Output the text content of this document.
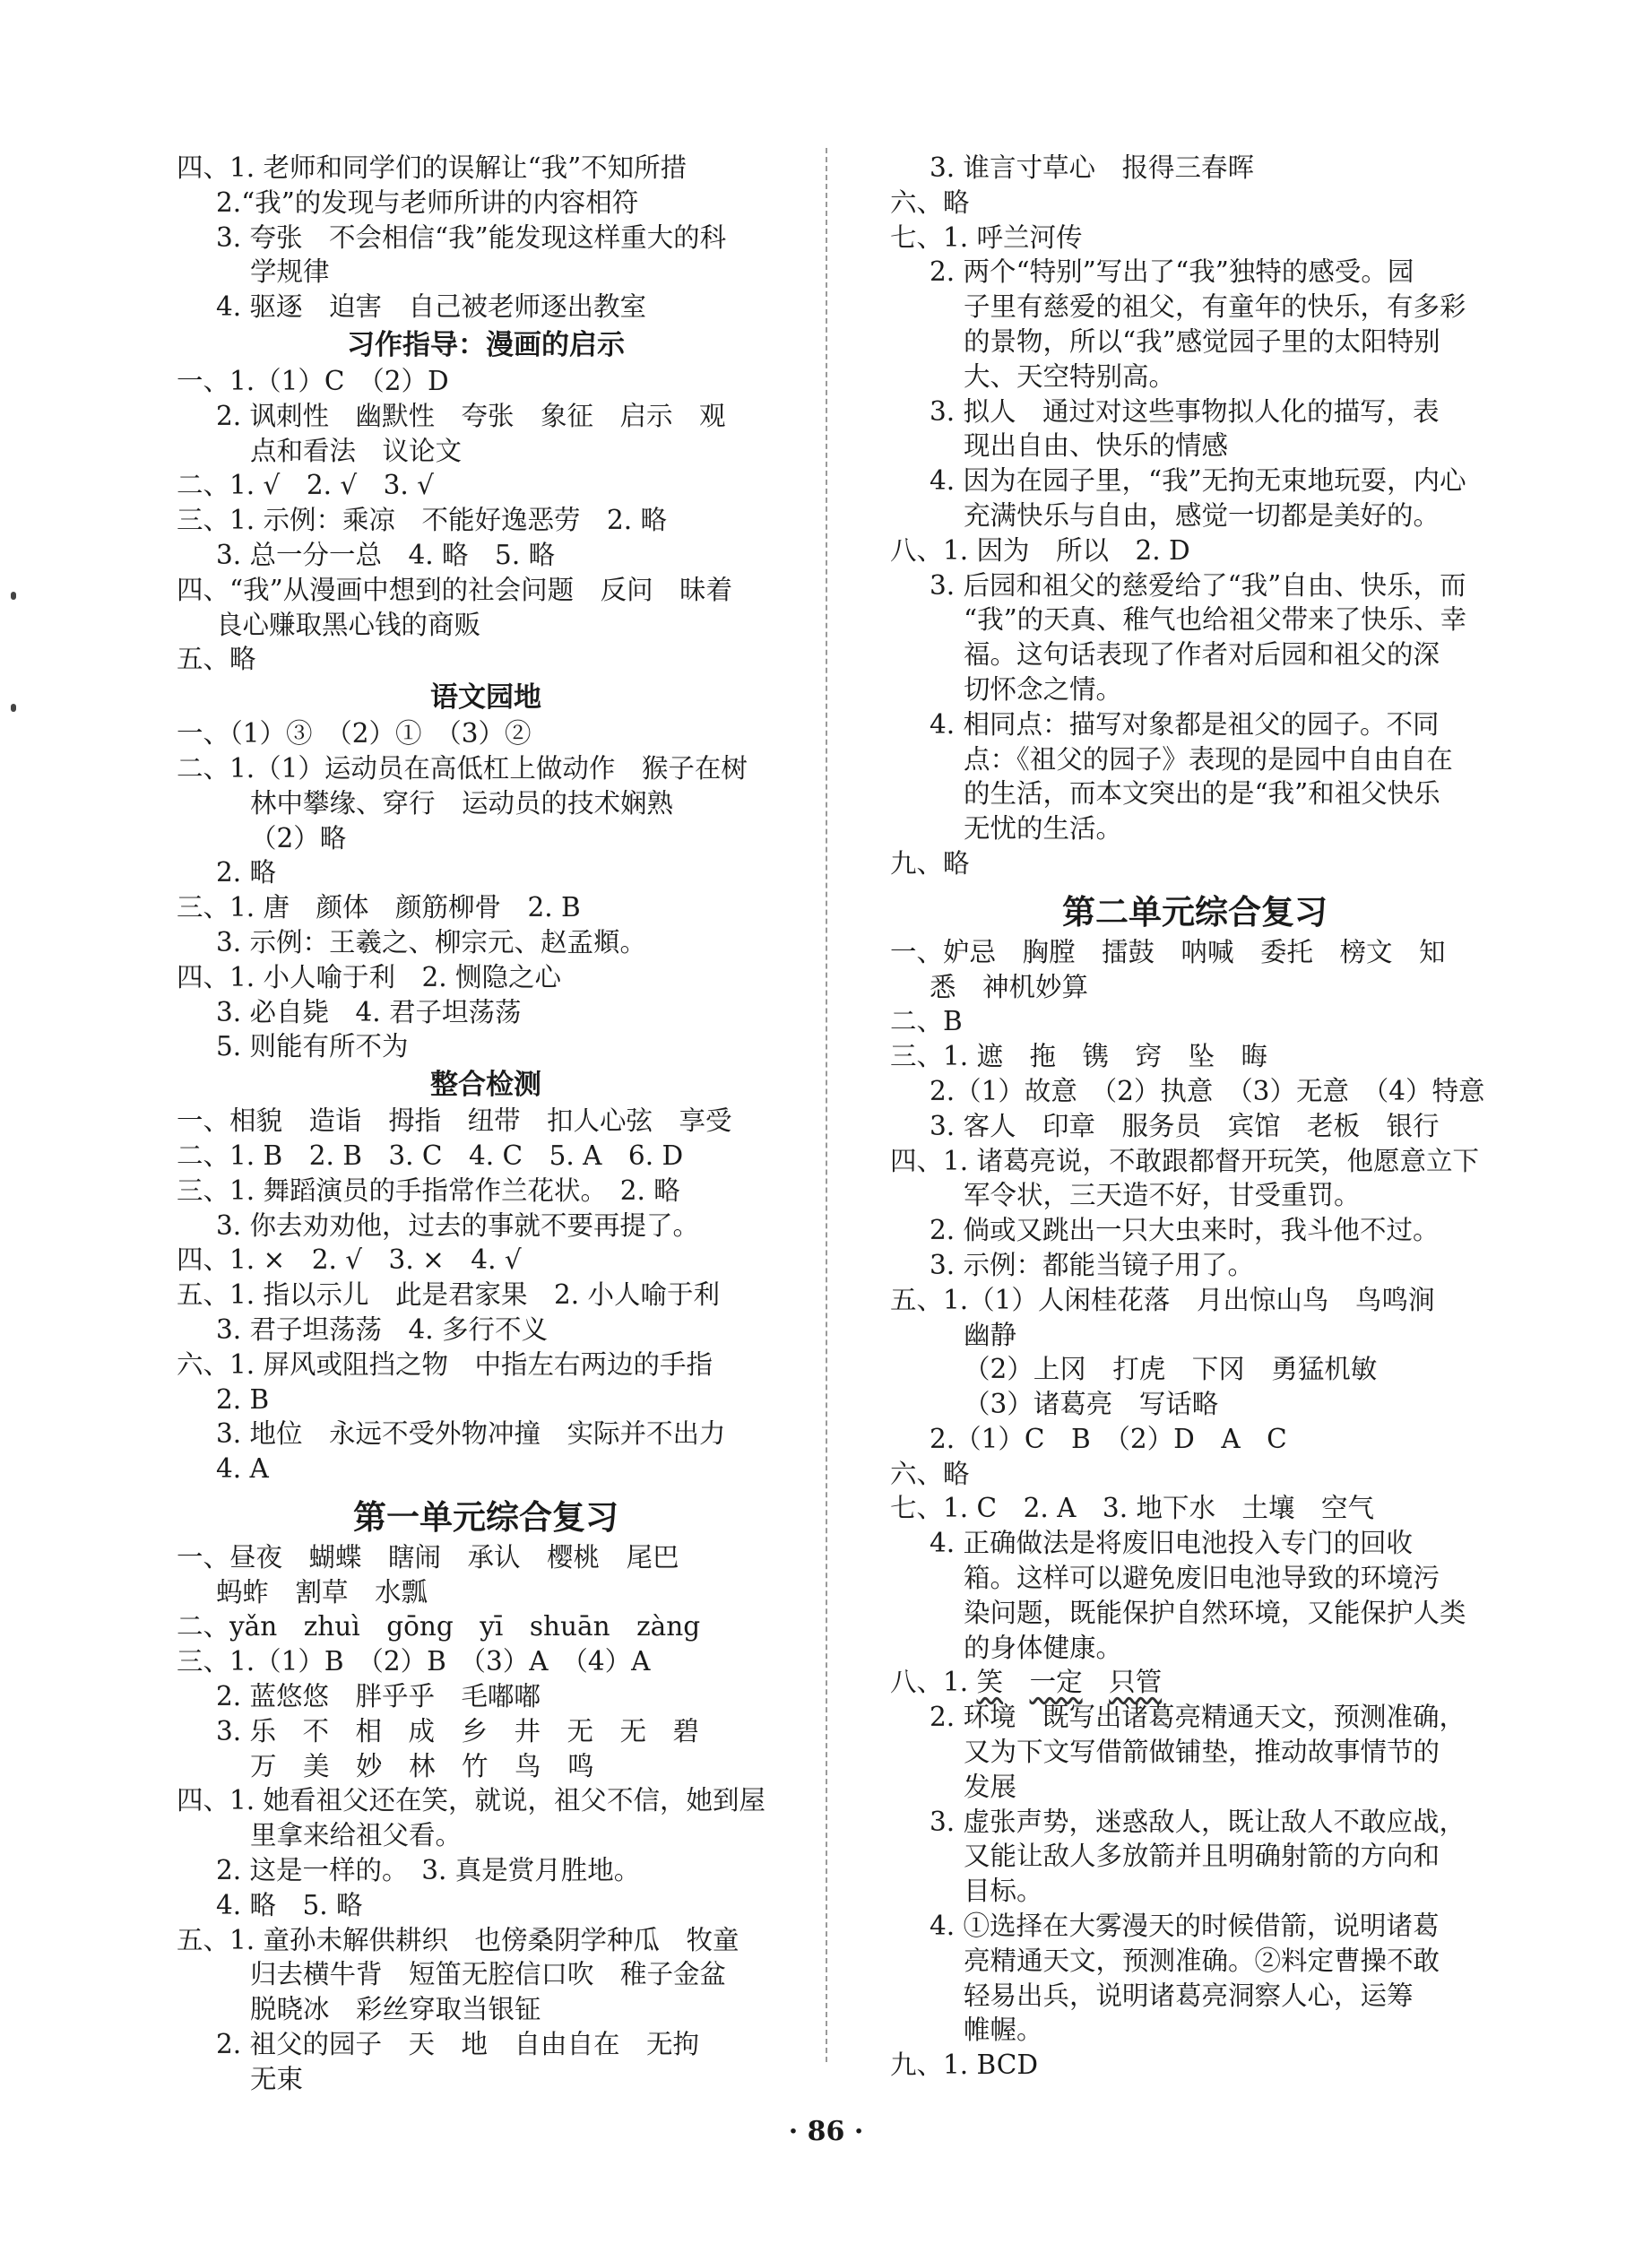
四、1. 老师和同学们的误解让“我”不知所措
2.“我”的发现与老师所讲的内容相符
3. 夸张　不会相信“我”能发现这样重大的科
学规律
4. 驱逐　迫害　自己被老师逐出教室
习作指导：漫画的启示
一、1.（1）C　（2）D
2. 讽刺性　幽默性　夸张　象征　启示　观
点和看法　议论文
二、1. √　2. √　3. √
三、1. 示例：乘凉　不能好逸恶劳　2. 略
3. 总一分一总　4. 略　5. 略
四、“我”从漫画中想到的社会问题　反问　昧着
良心赚取黑心钱的商贩
五、略
语文园地
一、（1）③　（2）①　（3）②
二、1.（1）运动员在高低杠上做动作　猴子在树
林中攀缘、穿行　运动员的技术娴熟
（2）略
2. 略
三、1. 唐　颜体　颜筋柳骨　2. B
3. 示例：王羲之、柳宗元、赵孟頫。
四、1. 小人喻于利　2. 恻隐之心
3. 必自毙　4. 君子坦荡荡
5. 则能有所不为
整合检测
一、相貌　造诣　拇指　纽带　扣人心弦　享受
二、1. B　2. B　3. C　4. C　5. A　6. D
三、1. 舞蹈演员的手指常作兰花状。　2. 略
3. 你去劝劝他，过去的事就不要再提了。
四、1. ×　2. √　3. ×　4. √
五、1. 指以示儿　此是君家果　2. 小人喻于利
3. 君子坦荡荡　4. 多行不义
六、1. 屏风或阻挡之物　中指左右两边的手指
2. B
3. 地位　永远不受外物冲撞　实际并不出力
4. A
第一单元综合复习
一、昼夜　蝴蝶　瞎闹　承认　樱桃　尾巴
蚂蚱　割草　水瓢
二、yǎn　zhuì　gōng　yī　shuān　zàng
三、1.（1）B　（2）B　（3）A　（4）A
2. 蓝悠悠　胖乎乎　毛嘟嘟
3. 乐　不　相　成　乡　井　无　无　碧
万　美　妙　林　竹　鸟　鸣
四、1. 她看祖父还在笑，就说，祖父不信，她到屋
里拿来给祖父看。
2. 这是一样的。　3. 真是赏月胜地。
4. 略　5. 略
五、1. 童孙未解供耕织　也傍桑阴学种瓜　牧童
归去横牛背　短笛无腔信口吹　稚子金盆
脱晓冰　彩丝穿取当银钲
2. 祖父的园子　天　地　自由自在　无拘
无束
3. 谁言寸草心　报得三春晖
六、略
七、1. 呼兰河传
2. 两个“特别”写出了“我”独特的感受。园
子里有慈爱的祖父，有童年的快乐，有多彩
的景物，所以“我”感觉园子里的太阳特别
大、天空特别高。
3. 拟人　通过对这些事物拟人化的描写，表
现出自由、快乐的情感
4. 因为在园子里，“我”无拘无束地玩耍，内心
充满快乐与自由，感觉一切都是美好的。
八、1. 因为　所以　2. D
3. 后园和祖父的慈爱给了“我”自由、快乐，而
“我”的天真、稚气也给祖父带来了快乐、幸
福。这句话表现了作者对后园和祖父的深
切怀念之情。
4. 相同点：描写对象都是祖父的园子。不同
点：《祖父的园子》表现的是园中自由自在
的生活，而本文突出的是“我”和祖父快乐
无忧的生活。
九、略
第二单元综合复习
一、妒忌　胸膛　擂鼓　呐喊　委托　榜文　知
悉　神机妙算
二、B
三、1. 遮　拖　镌　窍　坠　晦
2.（1）故意　（2）执意　（3）无意　（4）特意
3. 客人　印章　服务员　宾馆　老板　银行
四、1. 诸葛亮说，不敢跟都督开玩笑，他愿意立下
军令状，三天造不好，甘受重罚。
2. 倘或又跳出一只大虫来时，我斗他不过。
3. 示例：都能当镜子用了。
五、1.（1）人闲桂花落　月出惊山鸟　鸟鸣涧
幽静
（2）上冈　打虎　下冈　勇猛机敏
（3）诸葛亮　写话略
2.（1）C　B　（2）D　A　C
六、略
七、1. C　2. A　3. 地下水　土壤　空气
4. 正确做法是将废旧电池投入专门的回收
箱。这样可以避免废旧电池导致的环境污
染问题，既能保护自然环境，又能保护人类
的身体健康。
八、1. 笑　 一定　 只管
2. 环境　既写出诸葛亮精通天文，预测准确，
又为下文写借箭做铺垫，推动故事情节的
发展
3. 虚张声势，迷惑敌人，既让敌人不敢应战，
又能让敌人多放箭并且明确射箭的方向和
目标。
4. ①选择在大雾漫天的时候借箭，说明诸葛
亮精通天文，预测准确。②料定曹操不敢
轻易出兵，说明诸葛亮洞察人心，运筹
帷幄。
九、1. BCD
· 86 ·
